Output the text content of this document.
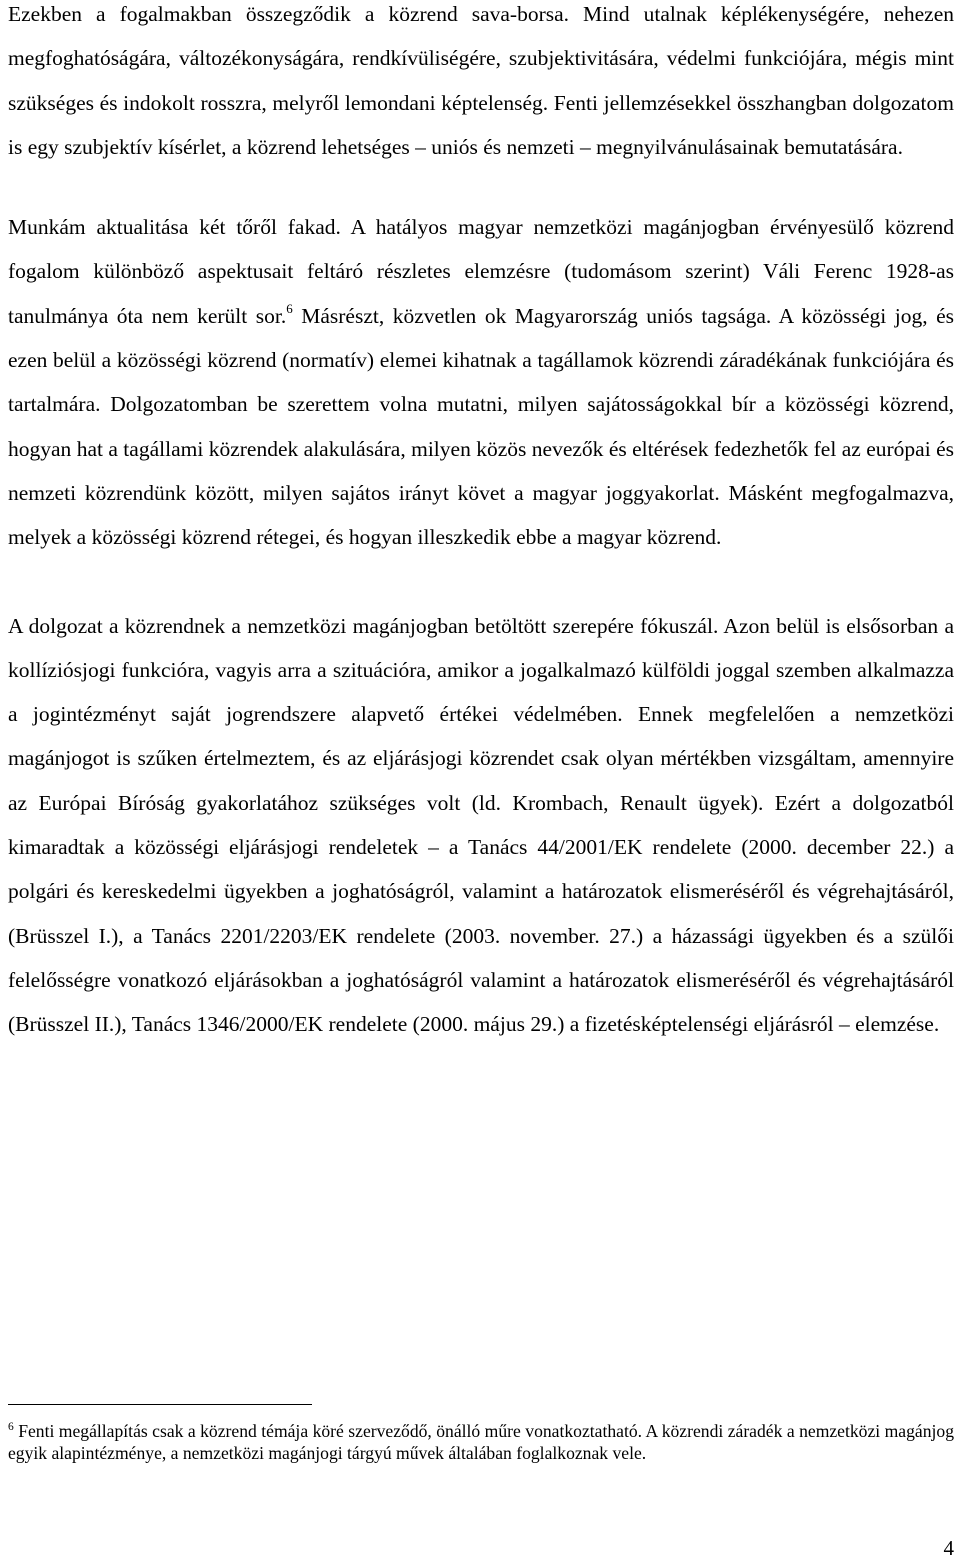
Ezekben a fogalmakban összegződik a közrend sava-borsa. Mind utalnak képlékenységére, nehezen megfoghatóságára, változékonyságára, rendkívüliségére, szubjektivitására, védelmi funkciójára, mégis mint szükséges és indokolt rosszra, melyről lemondani képtelenség. Fenti jellemzésekkel összhangban dolgozatom is egy szubjektív kísérlet, a közrend lehetséges – uniós és nemzeti – megnyilvánulásainak bemutatására.

Munkám aktualitása két tőről fakad. A hatályos magyar nemzetközi magánjogban érvényesülő közrend fogalom különböző aspektusait feltáró részletes elemzésre (tudomásom szerint) Váli Ferenc 1928-as tanulmánya óta nem került sor.$^6$ Másrészt, közvetlen ok Magyarország uniós tagsága. A közösségi jog, és ezen belül a közösségi közrend (normatív) elemei kihatnak a tagállamok közrendi záradékának funkciójára és tartalmára. Dolgozatomban be szerettem volna mutatni, milyen sajátosságokkal bír a közösségi közrend, hogyan hat a tagállami közrendek alakulására, milyen közös nevezők és eltérések fedezhetők fel az európai és nemzeti közrendünk között, milyen sajátos irányt követ a magyar joggyakorlat. Másként megfogalmazva, melyek a közösségi közrend rétegei, és hogyan illeszkedik ebbe a magyar közrend.

A dolgozat a közrendnek a nemzetközi magánjogban betöltött szerepére fókuszál. Azon belül is elsősorban a kollíziósjogi funkcióra, vagyis arra a szituációra, amikor a jogalkalmazó külföldi joggal szemben alkalmazza a jogintézményt saját jogrendszere alapvető értékei védelmében. Ennek megfelelően a nemzetközi magánjogot is szűken értelmeztem, és az eljárásjogi közrendet csak olyan mértékben vizsgáltam, amennyire az Európai Bíróság gyakorlatához szükséges volt (ld. Krombach, Renault ügyek). Ezért a dolgozatból kimaradtak a közösségi eljárásjogi rendeletek – a Tanács 44/2001/EK rendelete (2000. december 22.) a polgári és kereskedelmi ügyekben a joghatóságról, valamint a határozatok elismeréséről és végrehajtásáról, (Brüsszel I.), a Tanács 2201/2203/EK rendelete (2003. november. 27.) a házassági ügyekben és a szülői felelősségre vonatkozó eljárásokban a joghatóságról valamint a határozatok elismeréséről és végrehajtásáról (Brüsszel II.), Tanács 1346/2000/EK rendelete (2000. május 29.) a fizetésképtelenségi eljárásról – elemzése.

$^6$ Fenti megállapítás csak a közrend témája köré szerveződő, önálló műre vonatkoztatható. A közrendi záradék a nemzetközi magánjog egyik alapintézménye, a nemzetközi magánjogi tárgyú művek általában foglalkoznak vele.

4
